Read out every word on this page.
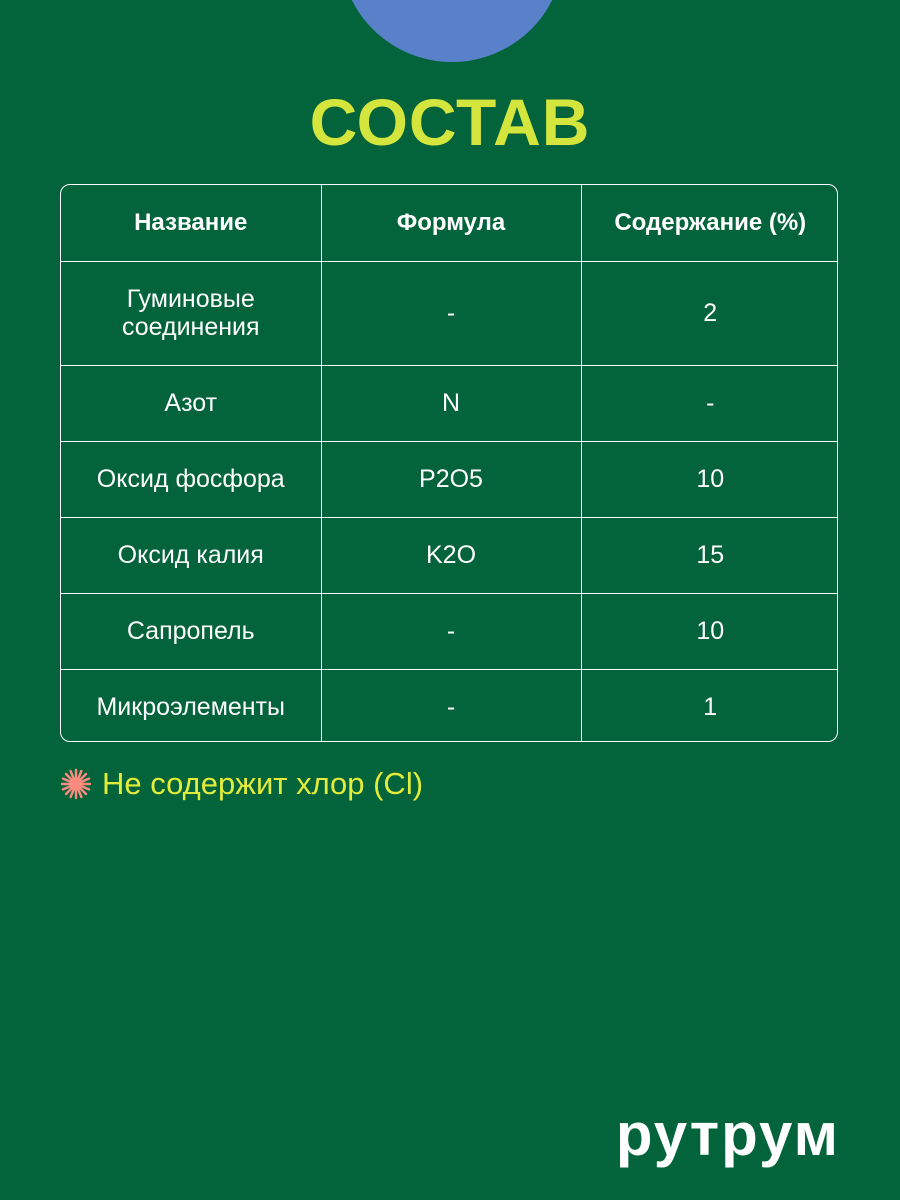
СОСТАВ
Название	Формула	Содержание (%)
Гуминовые соединения	-	2
Азот	N	-
Оксид фосфора	P2O5	10
Оксид калия	K2O	15
Сапропель	-	10
Микроэлементы	-	1
Не содержит хлор (Cl)
рутрум
